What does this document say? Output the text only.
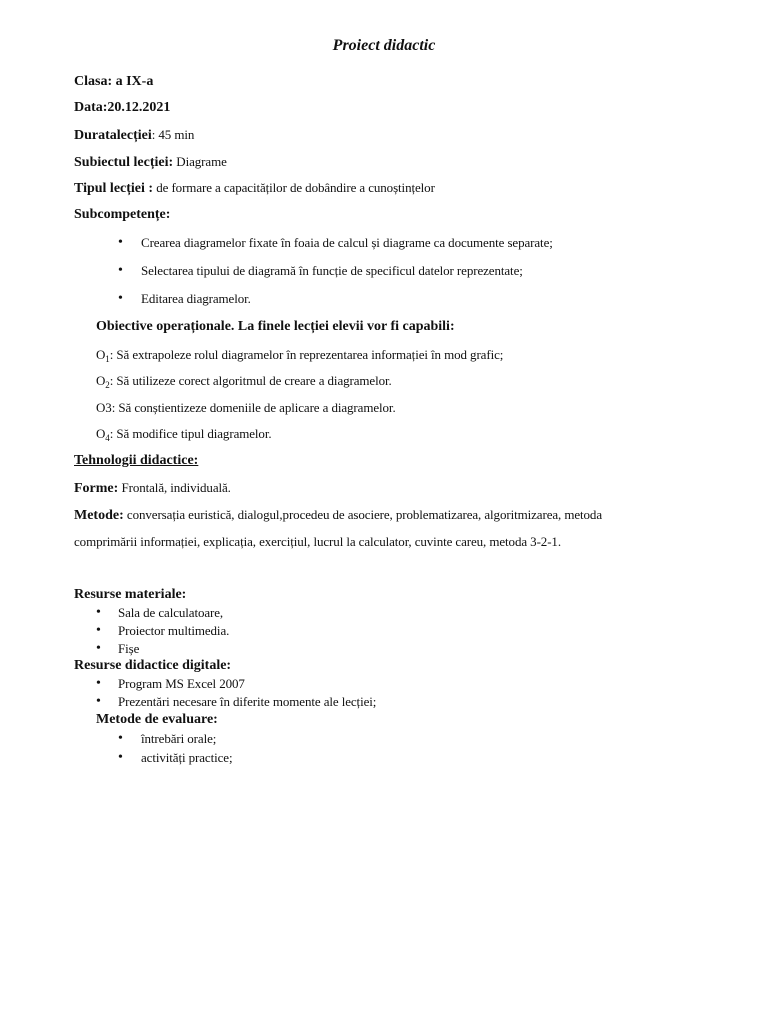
Proiect didactic
Clasa: a IX-a
Data:20.12.2021
Duratalecției: 45 min
Subiectul lecției: Diagrame
Tipul lecției : de formare a capacităților de dobândire a cunoștințelor
Subcompetențe:
• Crearea diagramelor fixate în foaia de calcul și diagrame ca documente separate;
• Selectarea tipului de diagramă în funcție de specificul datelor reprezentate;
• Editarea diagramelor.
Obiective operaționale. La finele lecției elevii vor fi capabili:
$O_1$: Să extrapoleze rolul diagramelor în reprezentarea informației în mod grafic;
$O_2$: Să utilizeze corect algoritmul de creare a diagramelor.
O3: Să conștientizeze domeniile de aplicare a diagramelor.
$O_4$: Să modifice tipul diagramelor.
Tehnologii didactice:
Forme: Frontală, individuală.
Metode: conversația euristică, dialogul,procedeu de asociere, problematizarea, algoritmizarea, metoda
comprimării informației, explicația, exercițiul, lucrul la calculator, cuvinte careu, metoda 3-2-1.
Resurse materiale:
• Sala de calculatoare,
• Proiector multimedia.
• Fișe
Resurse didactice digitale:
• Program MS Excel 2007
• Prezentări necesare în diferite momente ale lecției;
Metode de evaluare:
• întrebări orale;
• activități practice;
